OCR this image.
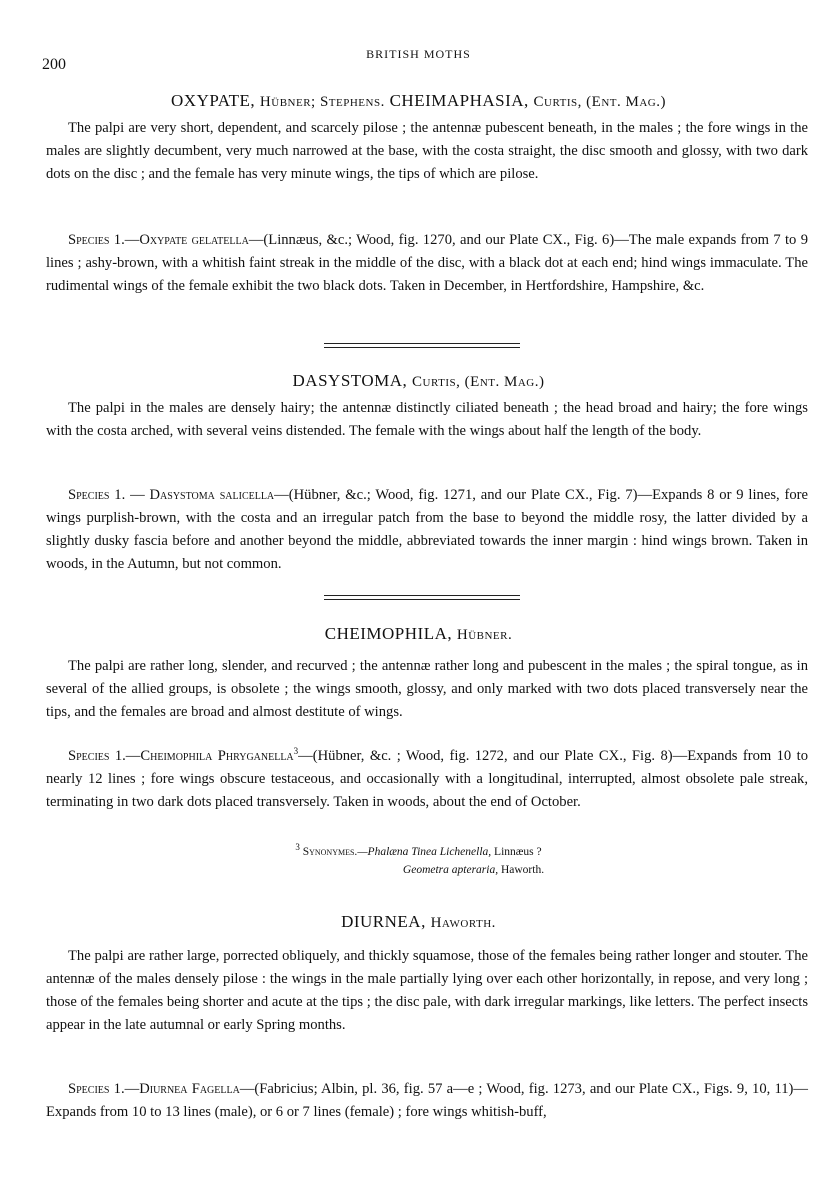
200
BRITISH MOTHS
OXYPATE, Hübner; Stephens. CHEIMAPHASIA, Curtis, (Ent. Mag.)

The palpi are very short, dependent, and scarcely pilose ; the antennæ pubescent beneath, in the males ; the fore wings in the males are slightly decumbent, very much narrowed at the base, with the costa straight, the disc smooth and glossy, with two dark dots on the disc ; and the female has very minute wings, the tips of which are pilose.

Species 1.—Oxypate gelatella—(Linnæus, &c.; Wood, fig. 1270, and our Plate CX., Fig. 6)—The male expands from 7 to 9 lines ; ashy-brown, with a whitish faint streak in the middle of the disc, with a black dot at each end; hind wings immaculate. The rudimental wings of the female exhibit the two black dots. Taken in December, in Hertfordshire, Hampshire, &c.

DASYSTOMA, Curtis, (Ent. Mag.)

The palpi in the males are densely hairy; the antennæ distinctly ciliated beneath ; the head broad and hairy; the fore wings with the costa arched, with several veins distended. The female with the wings about half the length of the body.

Species 1. — Dasystoma salicella—(Hübner, &c.; Wood, fig. 1271, and our Plate CX., Fig. 7)—Expands 8 or 9 lines, fore wings purplish-brown, with the costa and an irregular patch from the base to beyond the middle rosy, the latter divided by a slightly dusky fascia before and another beyond the middle, abbreviated towards the inner margin : hind wings brown. Taken in woods, in the Autumn, but not common.

CHEIMOPHILA, Hübner.

The palpi are rather long, slender, and recurved ; the antennæ rather long and pubescent in the males ; the spiral tongue, as in several of the allied groups, is obsolete ; the wings smooth, glossy, and only marked with two dots placed transversely near the tips, and the females are broad and almost destitute of wings.

Species 1.—Cheimophila Phryganella$^3$—(Hübner, &c. ; Wood, fig. 1272, and our Plate CX., Fig. 8)—Expands from 10 to nearly 12 lines ; fore wings obscure testaceous, and occasionally with a longitudinal, interrupted, almost obsolete pale streak, terminating in two dark dots placed transversely. Taken in woods, about the end of October.

$^3$ Synonymes.—Phalæna Tinea Lichenella, Linnæus ?
Geometra apteraria, Haworth.
DIURNEA, Haworth.

The palpi are rather large, porrected obliquely, and thickly squamose, those of the females being rather longer and stouter. The antennæ of the males densely pilose : the wings in the male partially lying over each other horizontally, in repose, and very long ; those of the females being shorter and acute at the tips ; the disc pale, with dark irregular markings, like letters. The perfect insects appear in the late autumnal or early Spring months.

Species 1.—Diurnea Fagella—(Fabricius; Albin, pl. 36, fig. 57 a—e ; Wood, fig. 1273, and our Plate CX., Figs. 9, 10, 11)—Expands from 10 to 13 lines (male), or 6 or 7 lines (female) ; fore wings whitish-buff,
